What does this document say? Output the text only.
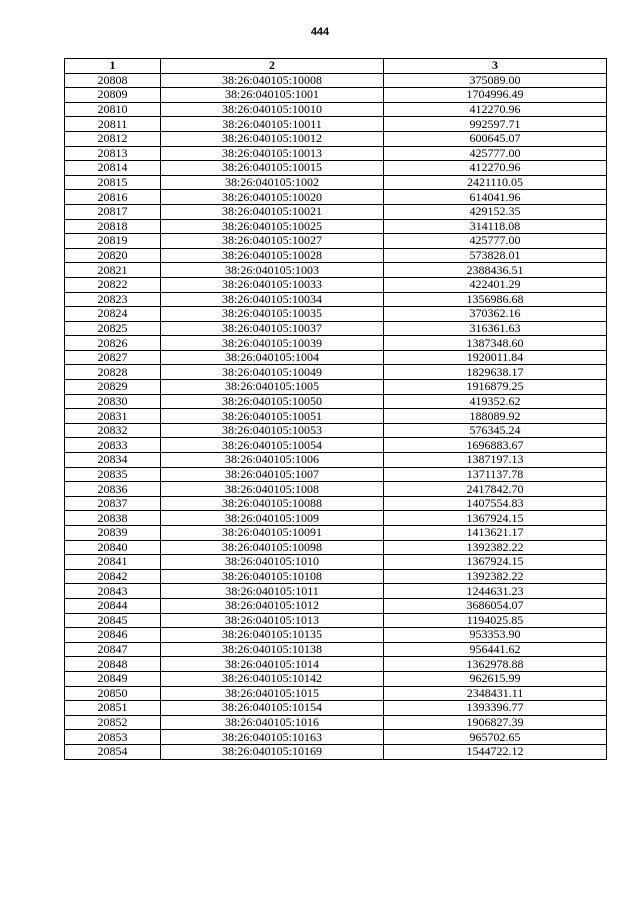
444
1	2	3
20808	38:26:040105:10008	375089.00
20809	38:26:040105:1001	1704996.49
20810	38:26:040105:10010	412270.96
20811	38:26:040105:10011	992597.71
20812	38:26:040105:10012	600645.07
20813	38:26:040105:10013	425777.00
20814	38:26:040105:10015	412270.96
20815	38:26:040105:1002	2421110.05
20816	38:26:040105:10020	614041.96
20817	38:26:040105:10021	429152.35
20818	38:26:040105:10025	314118.08
20819	38:26:040105:10027	425777.00
20820	38:26:040105:10028	573828.01
20821	38:26:040105:1003	2388436.51
20822	38:26:040105:10033	422401.29
20823	38:26:040105:10034	1356986.68
20824	38:26:040105:10035	370362.16
20825	38:26:040105:10037	316361.63
20826	38:26:040105:10039	1387348.60
20827	38:26:040105:1004	1920011.84
20828	38:26:040105:10049	1829638.17
20829	38:26:040105:1005	1916879.25
20830	38:26:040105:10050	419352.62
20831	38:26:040105:10051	188089.92
20832	38:26:040105:10053	576345.24
20833	38:26:040105:10054	1696883.67
20834	38:26:040105:1006	1387197.13
20835	38:26:040105:1007	1371137.78
20836	38:26:040105:1008	2417842.70
20837	38:26:040105:10088	1407554.83
20838	38:26:040105:1009	1367924.15
20839	38:26:040105:10091	1413621.17
20840	38:26:040105:10098	1392382.22
20841	38:26:040105:1010	1367924.15
20842	38:26:040105:10108	1392382.22
20843	38:26:040105:1011	1244631.23
20844	38:26:040105:1012	3686054.07
20845	38:26:040105:1013	1194025.85
20846	38:26:040105:10135	953353.90
20847	38:26:040105:10138	956441.62
20848	38:26:040105:1014	1362978.88
20849	38:26:040105:10142	962615.99
20850	38:26:040105:1015	2348431.11
20851	38:26:040105:10154	1393396.77
20852	38:26:040105:1016	1906827.39
20853	38:26:040105:10163	965702.65
20854	38:26:040105:10169	1544722.12
